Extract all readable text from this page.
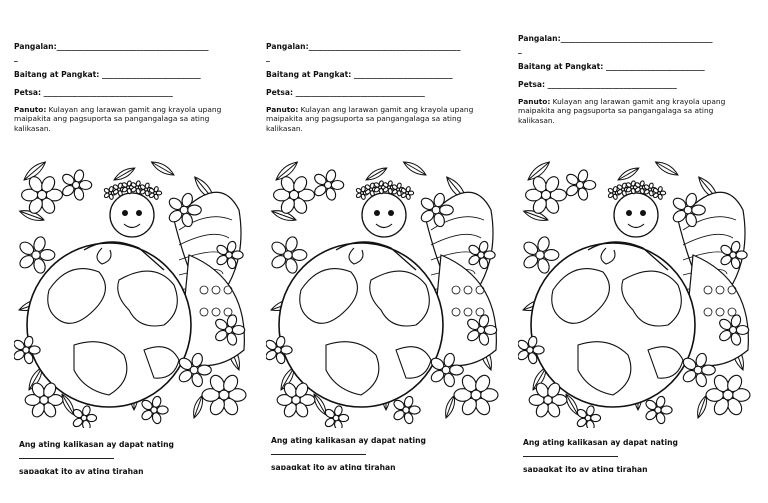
Pangalan:________________________________________
_
Baitang at Pangkat: __________________________
Petsa: __________________________________
Panuto: Kulayan ang larawan gamit ang krayola upang maipakita ang pagsuporta sa pangangalaga sa ating kalikasan.
Ang ating kalikasan ay dapat nating
sapagkat ito ay ating tirahan
Pangalan:________________________________________
_
Baitang at Pangkat: __________________________
Petsa: __________________________________
Panuto: Kulayan ang larawan gamit ang krayola upang maipakita ang pagsuporta sa pangangalaga sa ating kalikasan.
Ang ating kalikasan ay dapat nating
sapagkat ito ay ating tirahan
Pangalan:________________________________________
_
Baitang at Pangkat: __________________________
Petsa: __________________________________
Panuto: Kulayan ang larawan gamit ang krayola upang maipakita ang pagsuporta sa pangangalaga sa ating kalikasan.
Ang ating kalikasan ay dapat nating
sapagkat ito ay ating tirahan
